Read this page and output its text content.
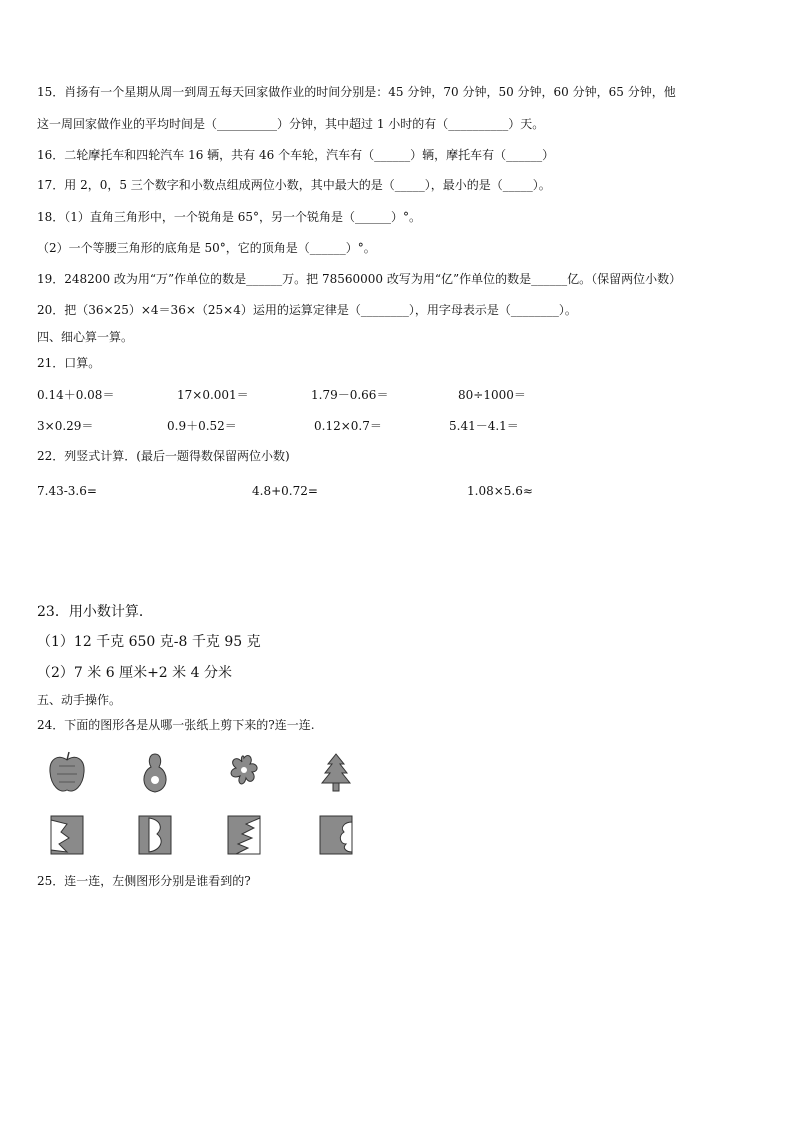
15．肖扬有一个星期从周一到周五每天回家做作业的时间分别是：45 分钟，70 分钟，50 分钟，60 分钟，65 分钟，他
这一周回家做作业的平均时间是（__________）分钟，其中超过 1 小时的有（__________）天。
16．二轮摩托车和四轮汽车 16 辆，共有 46 个车轮，汽车有（______）辆，摩托车有（______）
17．用 2，0，5 三个数字和小数点组成两位小数，其中最大的是（_____），最小的是（_____）。
18．（1）直角三角形中，一个锐角是 65°，另一个锐角是（______）°。
（2）一个等腰三角形的底角是 50°，它的顶角是（______）°。
19．248200 改为用“万”作单位的数是______万。把 78560000 改写为用“亿”作单位的数是______亿。（保留两位小数）
20．把（36×25）×4＝36×（25×4）运用的运算定律是（________），用字母表示是（________）。
四、细心算一算。
21．口算。
0.14＋0.08＝	17×0.001＝	1.79－0.66＝	80÷1000＝
3×0.29＝	0.9＋0.52＝	0.12×0.7＝	5.41－4.1＝
22．列竖式计算．(最后一题得数保留两位小数)
7.43-3.6=	4.8+0.72=	1.08×5.6≈
23．用小数计算．
（1）12 千克 650 克-8 千克 95 克
（2）7 米 6 厘米+2 米 4 分米
五、动手操作。
24．下面的图形各是从哪一张纸上剪下来的?连一连.
25．连一连，左侧图形分别是谁看到的?
